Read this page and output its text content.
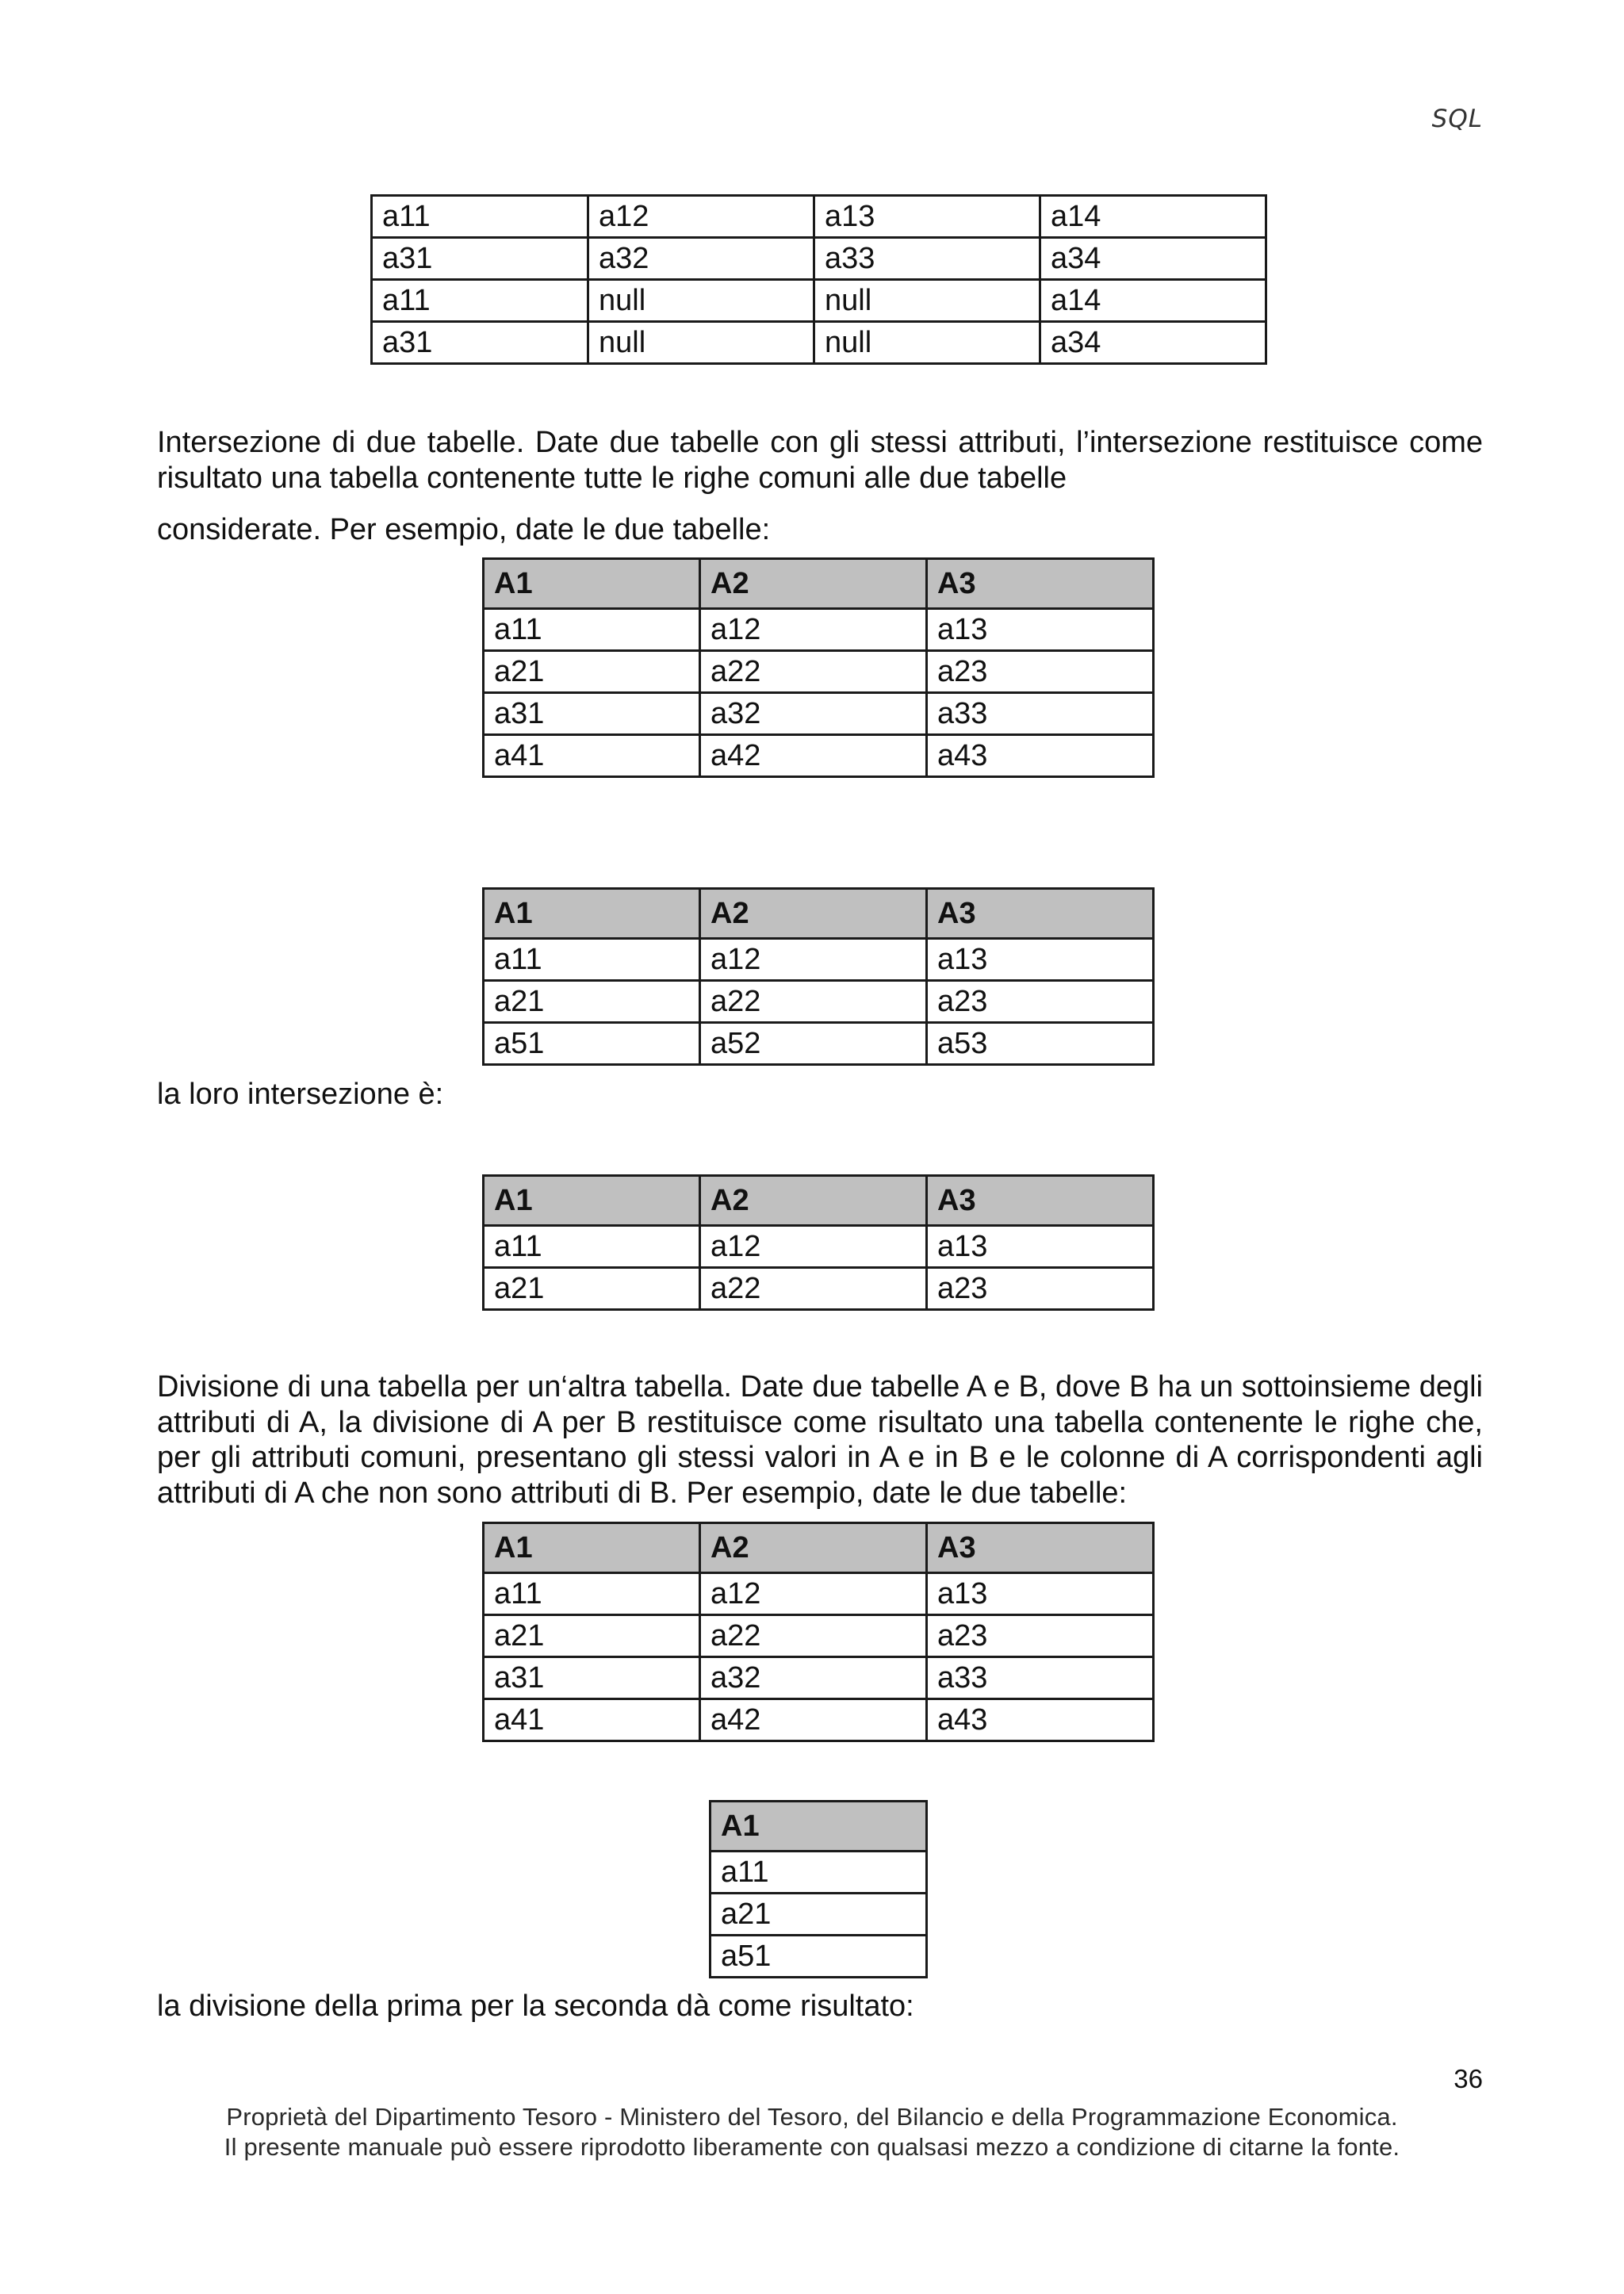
SQL
a11	a12	a13	a14
a31	a32	a33	a34
a11	null	null	a14
a31	null	null	a34
Intersezione di due tabelle. Date due tabelle con gli stessi attributi, l’intersezione restituisce come risultato una tabella contenente tutte le righe comuni alle due tabelle
considerate. Per esempio, date le due tabelle:
A1	A2	A3
a11	a12	a13
a21	a22	a23
a31	a32	a33
a41	a42	a43
A1	A2	A3
a11	a12	a13
a21	a22	a23
a51	a52	a53
la loro intersezione è:
A1	A2	A3
a11	a12	a13
a21	a22	a23
Divisione di una tabella per un‘altra tabella. Date due tabelle A e B, dove B ha un sottoinsieme degli attributi di A, la divisione di A per B restituisce come risultato una tabella contenente le righe che, per gli attributi comuni, presentano gli stessi valori in A e in B e le colonne di A corrispondenti agli attributi di A che non sono attributi di B. Per esempio, date le due tabelle:
A1	A2	A3
a11	a12	a13
a21	a22	a23
a31	a32	a33
a41	a42	a43
A1
a11
a21
a51
la divisione della prima per la seconda dà come risultato:
36
Proprietà del Dipartimento Tesoro - Ministero del Tesoro, del Bilancio e della Programmazione Economica.
Il presente manuale può essere riprodotto liberamente con qualsasi mezzo a condizione di citarne la fonte.
